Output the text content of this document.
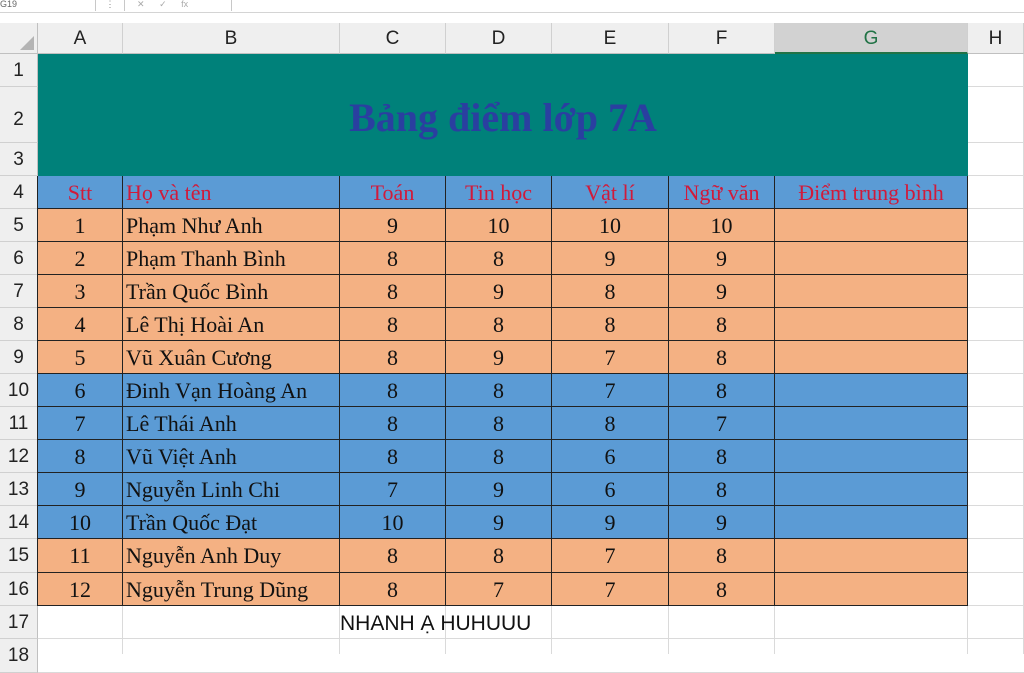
G19	⋮	✕ ✓ fx
A	B	C	D	E	F	G	H
1
2
3
4
5
6
7
8
9
10
11
12
13
14
15
16
17
18
Bảng điểm lớp 7A
Stt	Họ và tên	Toán	Tin học	Vật lí	Ngữ văn	Điểm trung bình
1	Phạm Như Anh	9	10	10	10
2	Phạm Thanh Bình	8	8	9	9
3	Trần Quốc Bình	8	9	8	9
4	Lê Thị Hoài An	8	8	8	8
5	Vũ Xuân Cương	8	9	7	8
6	Đinh Vạn Hoàng An	8	8	7	8
7	Lê Thái Anh	8	8	8	7
8	Vũ Việt Anh	8	8	6	8
9	Nguyễn Linh Chi	7	9	6	8
10	Trần Quốc Đạt	10	9	9	9
11	Nguyễn Anh Duy	8	8	7	8
12	Nguyễn Trung Dũng	8	7	7	8
NHANH Ạ HUHUUU
